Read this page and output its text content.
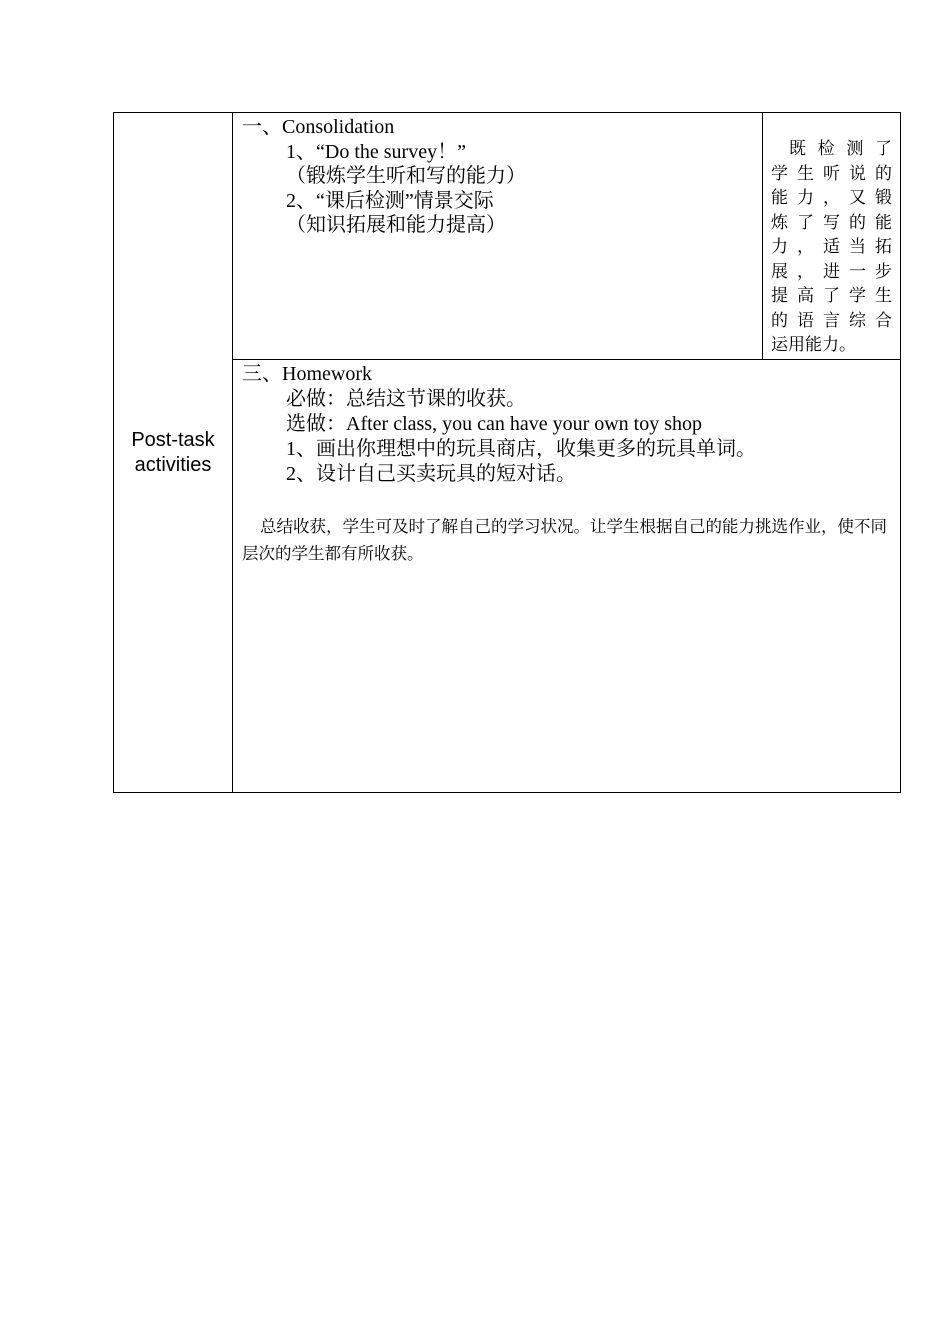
Post-task
activities

一、Consolidation
1、“Do the survey！”
（锻炼学生听和写的能力）
2、“课后检测”情景交际
（知识拓展和能力提高）

既检测了
学生听说的
能力，又锻
炼了写的能
力，适当拓
展，进一步
提高了学生
的语言综合
运用能力。

三、Homework
必做：总结这节课的收获。
选做：After class, you can have your own toy shop
1、画出你理想中的玩具商店，收集更多的玩具单词。
2、设计自己买卖玩具的短对话。
总结收获，学生可及时了解自己的学习状况。让学生根据自己的能力挑选作业，使不同层次的学生都有所收获。
